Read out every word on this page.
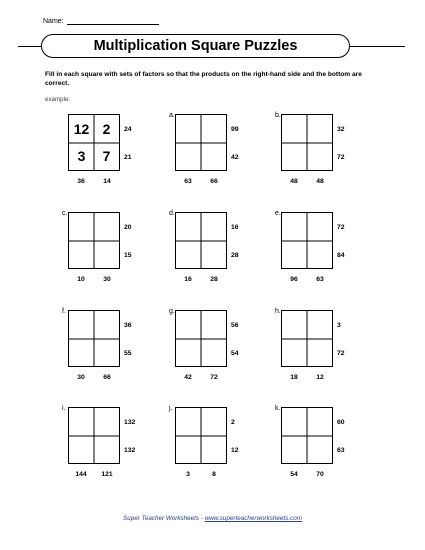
Name:
Multiplication Square Puzzles
Fill in each square with sets of factors so that the products on the right-hand side and the bottom are correct.
example:
12 2
3	7
24
21
36	14
a.
99
42
63	66
b.
32
72
48	48
c.
20
15
10	30
d.
16
28
16	28
e.
72
84
96	63
f.
36
55
30	66
g.
56
54
42	72
h.
3
72
18	12
i.
132
132
144	121
j.
2
12
3	8
k.
60
63
54	70
Super Teacher Worksheets - www.superteacherworksheets.com
